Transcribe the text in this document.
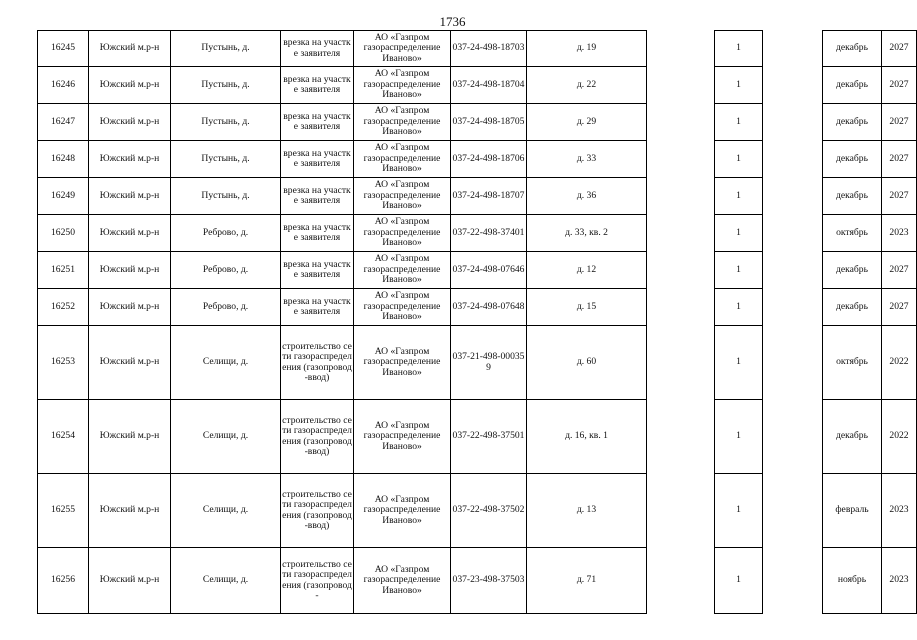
1736
16245	Южский м.р-н	Пустынь, д.	врезка на участке заявителя	АО «Газпром газораспределение Иваново»	037-24-498-18703	д. 19		1		декабрь	2027
16246	Южский м.р-н	Пустынь, д.	врезка на участке заявителя	АО «Газпром газораспределение Иваново»	037-24-498-18704	д. 22		1		декабрь	2027
16247	Южский м.р-н	Пустынь, д.	врезка на участке заявителя	АО «Газпром газораспределение Иваново»	037-24-498-18705	д. 29		1		декабрь	2027
16248	Южский м.р-н	Пустынь, д.	врезка на участке заявителя	АО «Газпром газораспределение Иваново»	037-24-498-18706	д. 33		1		декабрь	2027
16249	Южский м.р-н	Пустынь, д.	врезка на участке заявителя	АО «Газпром газораспределение Иваново»	037-24-498-18707	д. 36		1		декабрь	2027
16250	Южский м.р-н	Реброво, д.	врезка на участке заявителя	АО «Газпром газораспределение Иваново»	037-22-498-37401	д. 33, кв. 2		1		октябрь	2023
16251	Южский м.р-н	Реброво, д.	врезка на участке заявителя	АО «Газпром газораспределение Иваново»	037-24-498-07646	д. 12		1		декабрь	2027
16252	Южский м.р-н	Реброво, д.	врезка на участке заявителя	АО «Газпром газораспределение Иваново»	037-24-498-07648	д. 15		1		декабрь	2027
16253	Южский м.р-н	Селищи, д.	строительство сети газораспределения (газопровод-ввод)	АО «Газпром газораспределение Иваново»	037-21-498-000359	д. 60		1		октябрь	2022
16254	Южский м.р-н	Селищи, д.	строительство сети газораспределения (газопровод-ввод)	АО «Газпром газораспределение Иваново»	037-22-498-37501	д. 16, кв. 1		1		декабрь	2022
16255	Южский м.р-н	Селищи, д.	строительство сети газораспределения (газопровод-ввод)	АО «Газпром газораспределение Иваново»	037-22-498-37502	д. 13		1		февраль	2023
16256	Южский м.р-н	Селищи, д.	строительство сети газораспределения (газопровод-	АО «Газпром газораспределение Иваново»	037-23-498-37503	д. 71		1		ноябрь	2023
